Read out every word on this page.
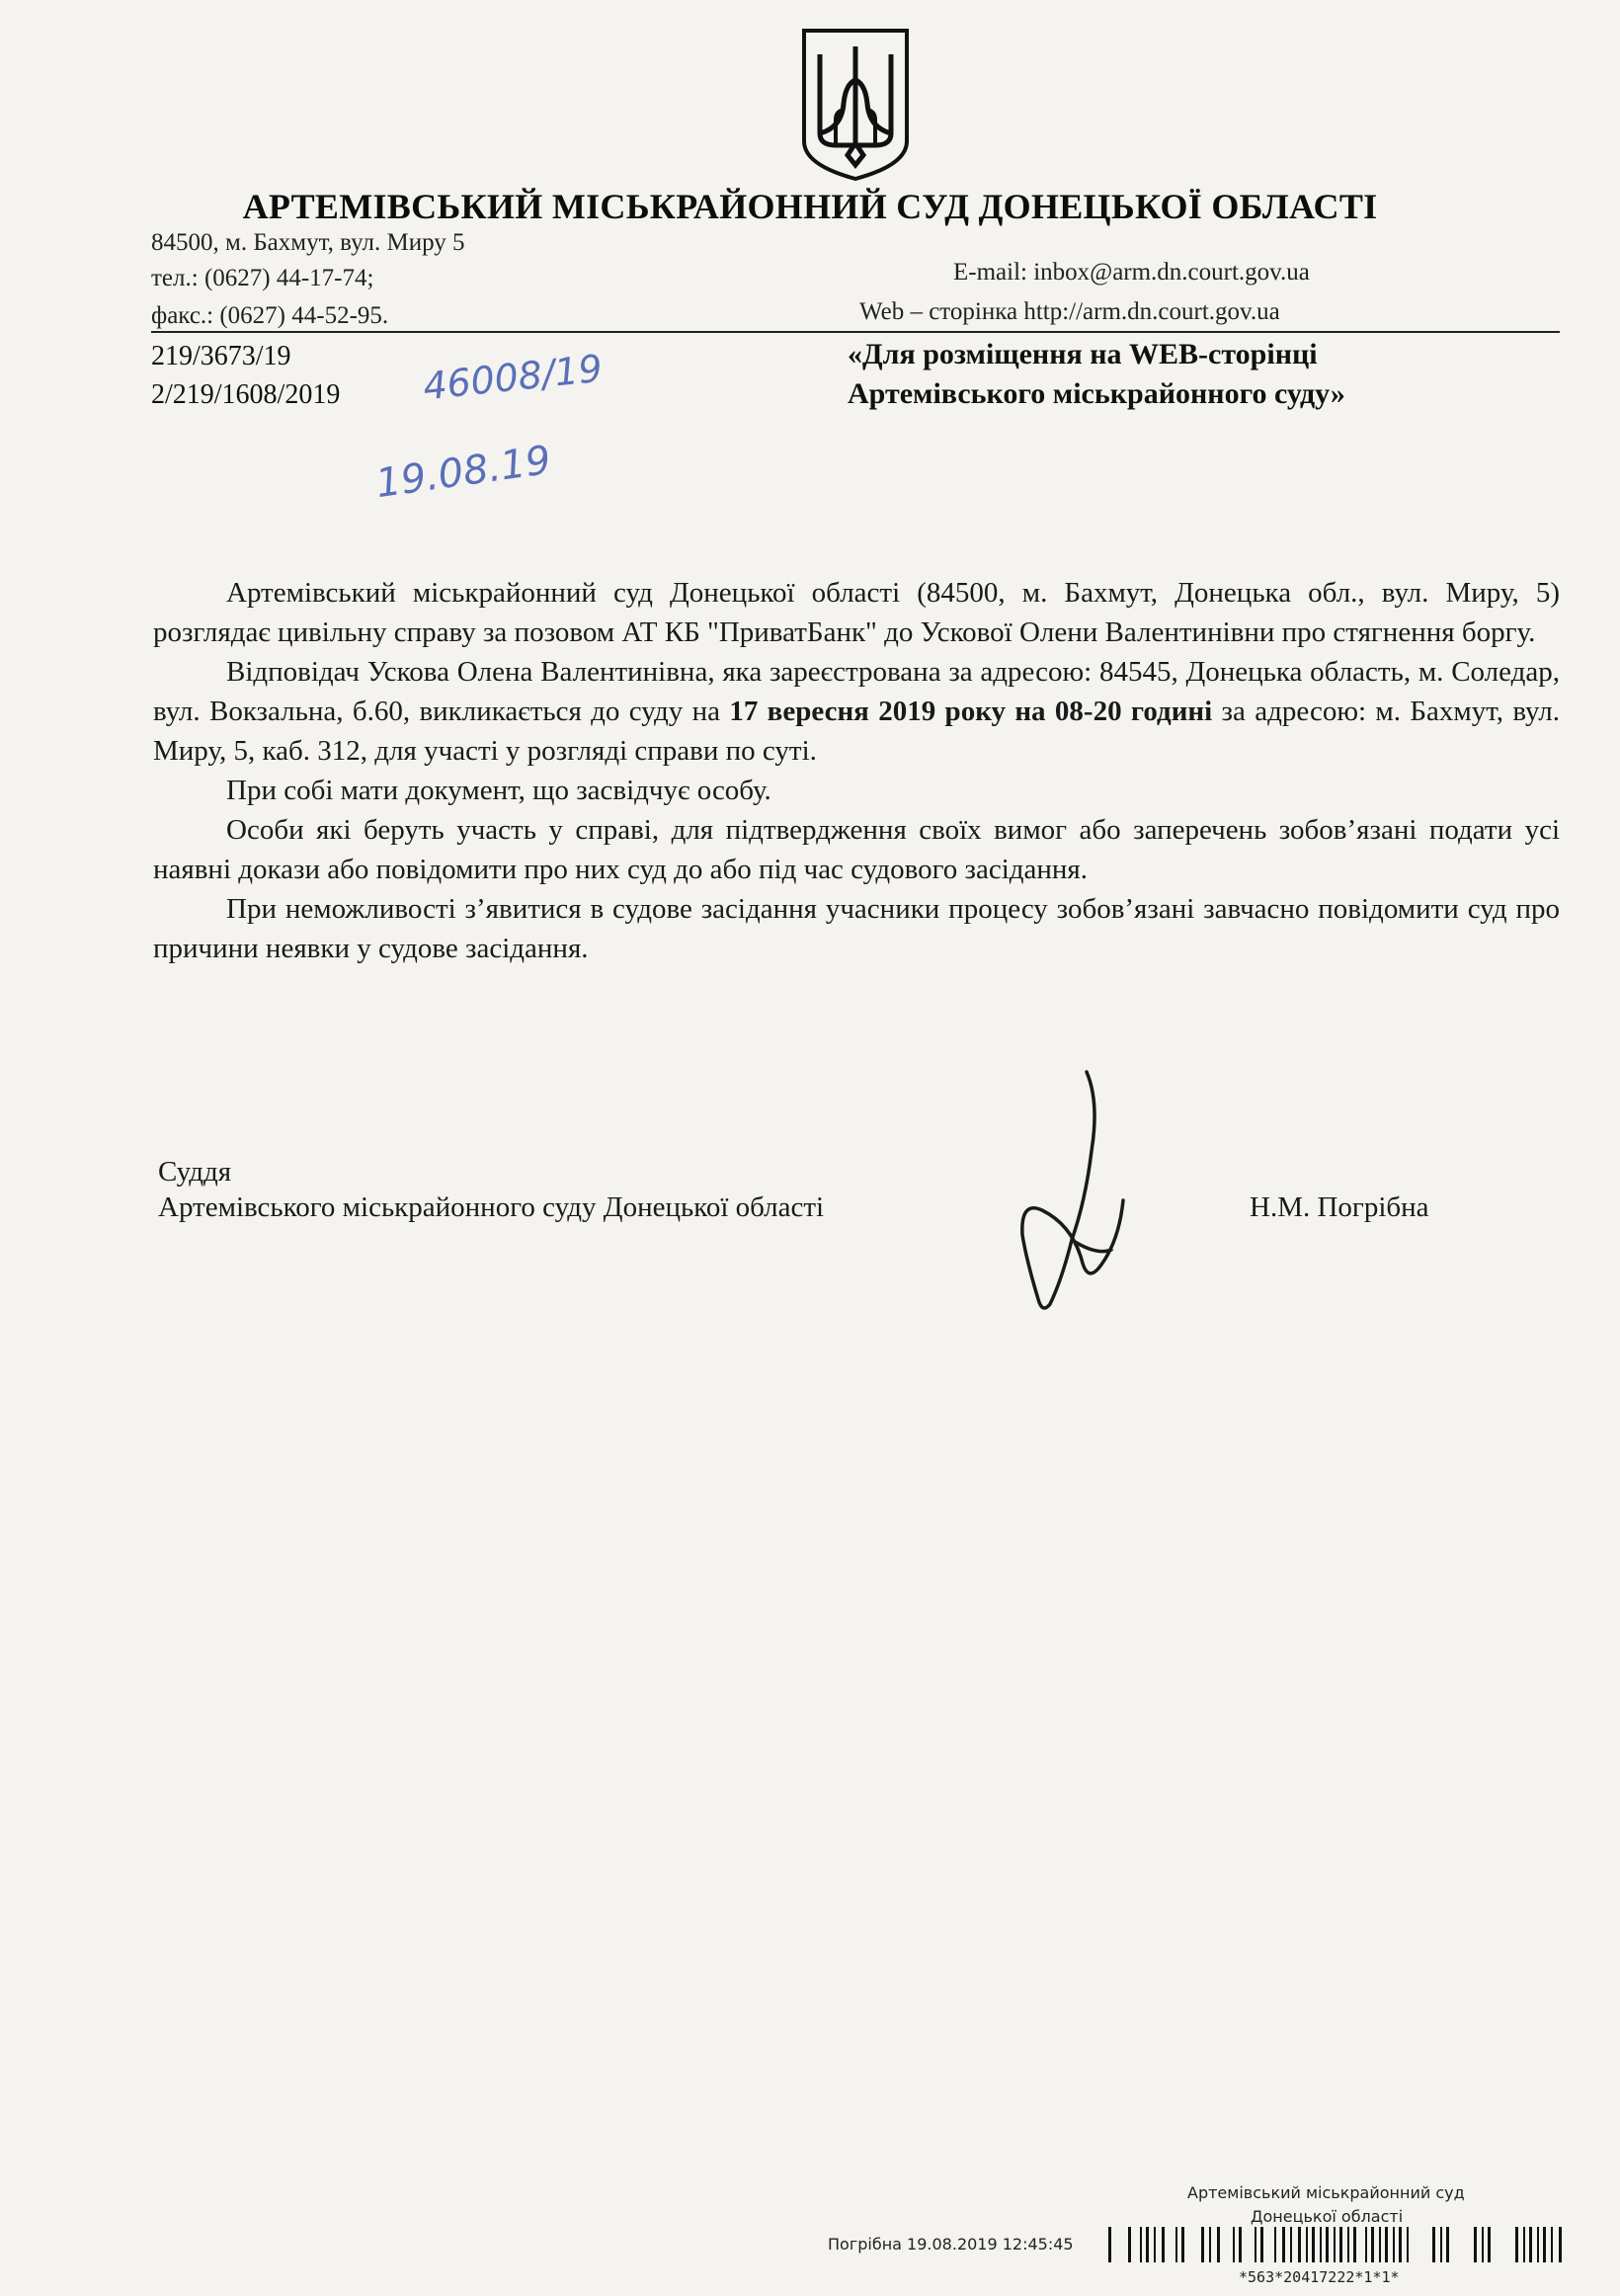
АРТЕМІВСЬКИЙ МІСЬКРАЙОННИЙ СУД ДОНЕЦЬКОЇ ОБЛАСТІ
84500, м. Бахмут, вул. Миру 5
тел.: (0627) 44-17-74;
факс.: (0627) 44-52-95.
E-mail: inbox@arm.dn.court.gov.ua
Web – сторінка http://arm.dn.court.gov.ua
219/3673/19
2/219/1608/2019 46008/19
19.08.19
«Для розміщення на WEB-сторінці
Артемівського міськрайонного суду»

Артемівський міськрайонний суд Донецької області (84500, м. Бахмут, Донецька обл., вул. Миру, 5) розглядає цивільну справу за позовом АТ КБ "ПриватБанк" до Ускової Олени Валентинівни про стягнення боргу.

Відповідач Ускова Олена Валентинівна, яка зареєстрована за адресою: 84545, Донецька область, м. Соледар, вул. Вокзальна, б.60, викликається до суду на 17 вересня 2019 року на 08-20 годині за адресою: м. Бахмут, вул. Миру, 5, каб. 312, для участі у розгляді справи по суті.

При собі мати документ, що засвідчує особу.

Особи які беруть участь у справі, для підтвердження своїх вимог або заперечень зобов’язані подати усі наявні докази або повідомити про них суд до або під час судового засідання.

При неможливості з’явитися в судове засідання учасники процесу зобов’язані завчасно повідомити суд про причини неявки у судове засідання.

Суддя
Артемівського міськрайонного суду Донецької області	Н.М. Погрібна
Артемівський міськрайонний суд
Донецької області
Погрібна 19.08.2019 12:45:45
*563*20417222*1*1*
